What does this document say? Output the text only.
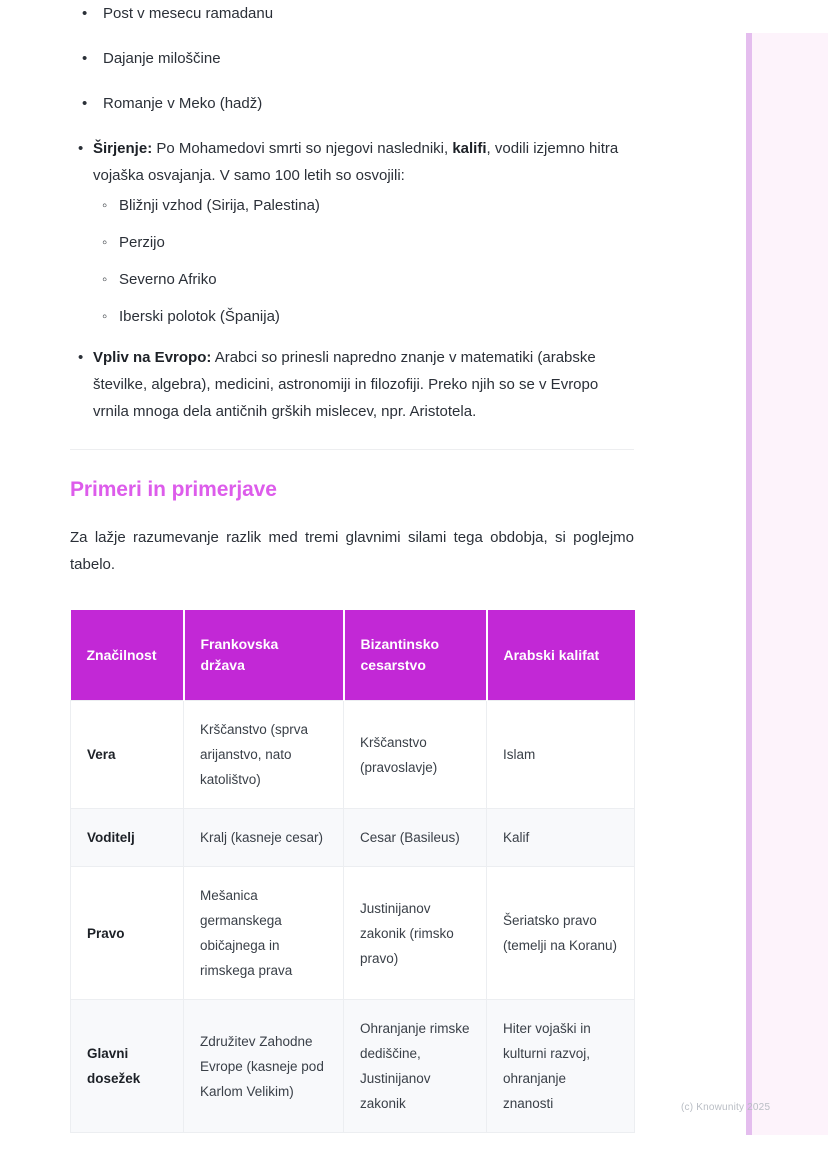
• Post v mesecu ramadanu
• Dajanje miloščine
• Romanje v Meko (hadž)
• Širjenje: Po Mohamedovi smrti so njegovi nasledniki, kalifi, vodili izjemno hitra vojaška osvajanja. V samo 100 letih so osvojili:
◦ Bližnji vzhod (Sirija, Palestina)
◦ Perzijo
◦ Severno Afriko
◦ Iberski polotok (Španija)
• Vpliv na Evropo: Arabci so prinesli napredno znanje v matematiki (arabske številke, algebra), medicini, astronomiji in filozofiji. Preko njih so se v Evropo vrnila mnoga dela antičnih grških mislecev, npr. Aristotela.
Primeri in primerjave

Za lažje razumevanje razlik med tremi glavnimi silami tega obdobja, si poglejmo tabelo.

Značilnost	Frankovska država	Bizantinsko cesarstvo	Arabski kalifat
Vera	Krščanstvo (sprva arijanstvo, nato katolištvo)	Krščanstvo (pravoslavje)	Islam
Voditelj	Kralj (kasneje cesar)	Cesar (Basileus)	Kalif
Pravo	Mešanica germanskega običajnega in rimskega prava	Justinijanov zakonik (rimsko pravo)	Šeriatsko pravo (temelji na Koranu)
Glavni dosežek	Združitev Zahodne Evrope (kasneje pod Karlom Velikim)	Ohranjanje rimske dediščine, Justinijanov zakonik	Hiter vojaški in kulturni razvoj, ohranjanje znanosti	(c) Knowunity 2025
